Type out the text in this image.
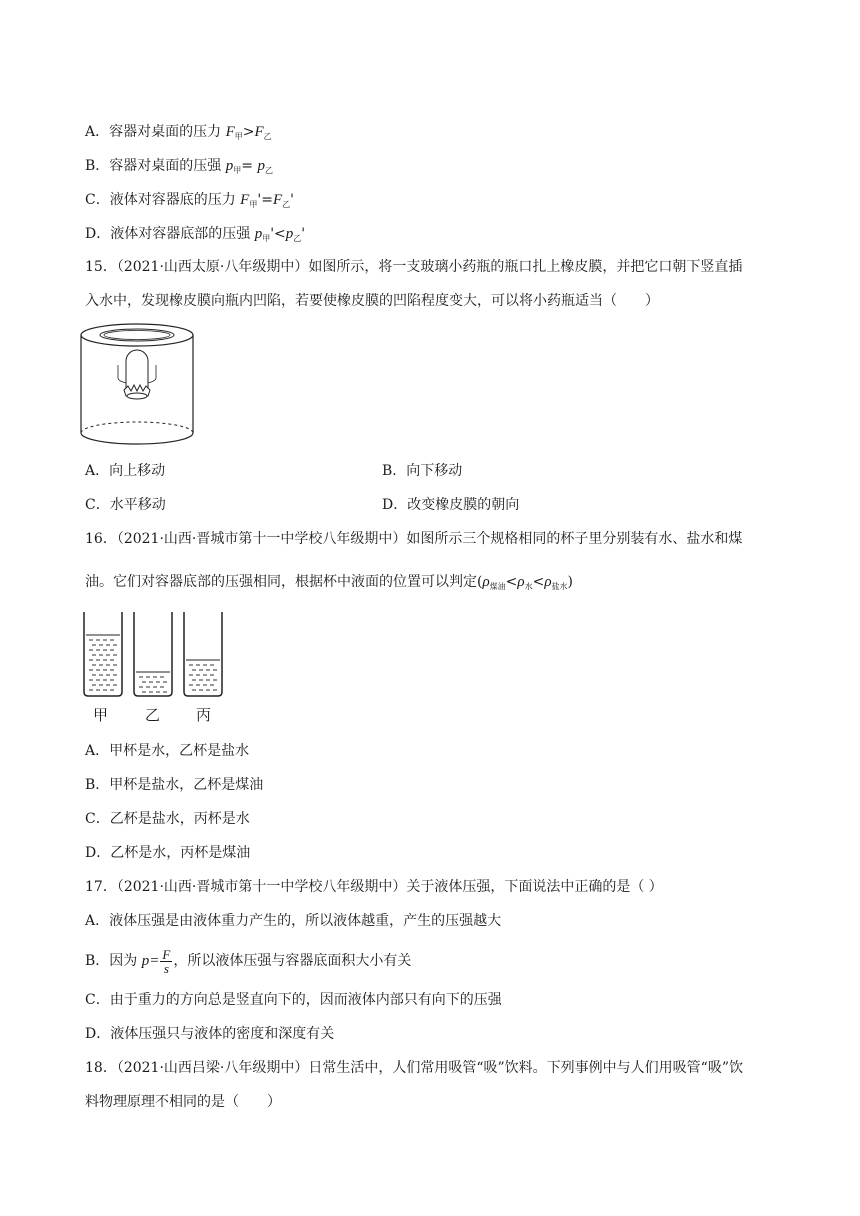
A．容器对桌面的压力 $F_甲>F_乙$
B．容器对桌面的压强 $p_甲= p_乙$
C．液体对容器底的压力 $F_甲'=F_乙'$
D．液体对容器底部的压强 $p_甲'<p_乙'$
15．（2021·山西太原·八年级期中）如图所示，将一支玻璃小药瓶的瓶口扎上橡皮膜，并把它口朝下竖直插
入水中，发现橡皮膜向瓶内凹陷，若要使橡皮膜的凹陷程度变大，可以将小药瓶适当（　　）
A．向上移动	B．向下移动
C．水平移动	D．改变橡皮膜的朝向
16．（2021·山西·晋城市第十一中学校八年级期中）如图所示三个规格相同的杯子里分别装有水、盐水和煤
油。它们对容器底部的压强相同，根据杯中液面的位置可以判定$(\rho_{煤油}<\rho_水<\rho_{盐水})$
甲 乙 丙
A．甲杯是水，乙杯是盐水
B．甲杯是盐水，乙杯是煤油
C．乙杯是盐水，丙杯是水
D．乙杯是水，丙杯是煤油
17．（2021·山西·晋城市第十一中学校八年级期中）关于液体压强，下面说法中正确的是（ ）
A．液体压强是由液体重力产生的，所以液体越重，产生的压强越大
B．因为 $p= \frac{F}{s}$ ，所以液体压强与容器底面积大小有关
C．由于重力的方向总是竖直向下的，因而液体内部只有向下的压强
D．液体压强只与液体的密度和深度有关
18．（2021·山西吕梁·八年级期中）日常生活中，人们常用吸管“吸”饮料。下列事例中与人们用吸管“吸”饮
料物理原理不相同的是（　　）
